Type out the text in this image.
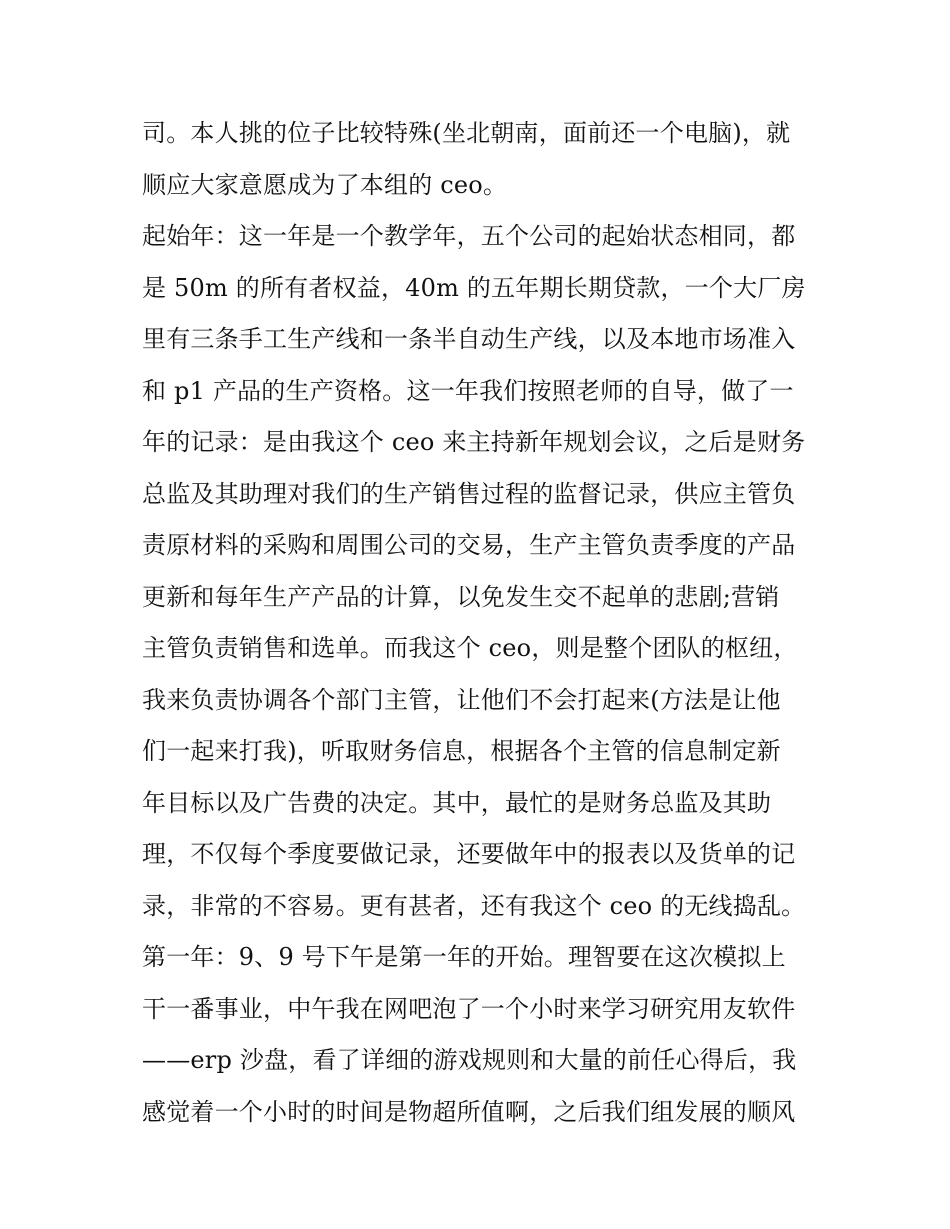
司。本人挑的位子比较特殊(坐北朝南，面前还一个电脑)，就
顺应大家意愿成为了本组的 ceo。
起始年：这一年是一个教学年，五个公司的起始状态相同，都
是 50m 的所有者权益，40m 的五年期长期贷款，一个大厂房
里有三条手工生产线和一条半自动生产线，以及本地市场准入
和 p1 产品的生产资格。这一年我们按照老师的自导，做了一
年的记录：是由我这个 ceo 来主持新年规划会议，之后是财务
总监及其助理对我们的生产销售过程的监督记录，供应主管负
责原材料的采购和周围公司的交易，生产主管负责季度的产品
更新和每年生产产品的计算，以免发生交不起单的悲剧;营销
主管负责销售和选单。而我这个 ceo，则是整个团队的枢纽，
我来负责协调各个部门主管，让他们不会打起来(方法是让他
们一起来打我)，听取财务信息，根据各个主管的信息制定新
年目标以及广告费的决定。其中，最忙的是财务总监及其助
理，不仅每个季度要做记录，还要做年中的报表以及货单的记
录，非常的不容易。更有甚者，还有我这个 ceo 的无线捣乱。
第一年：9、9 号下午是第一年的开始。理智要在这次模拟上
干一番事业，中午我在网吧泡了一个小时来学习研究用友软件
——erp 沙盘，看了详细的游戏规则和大量的前任心得后，我
感觉着一个小时的时间是物超所值啊，之后我们组发展的顺风
